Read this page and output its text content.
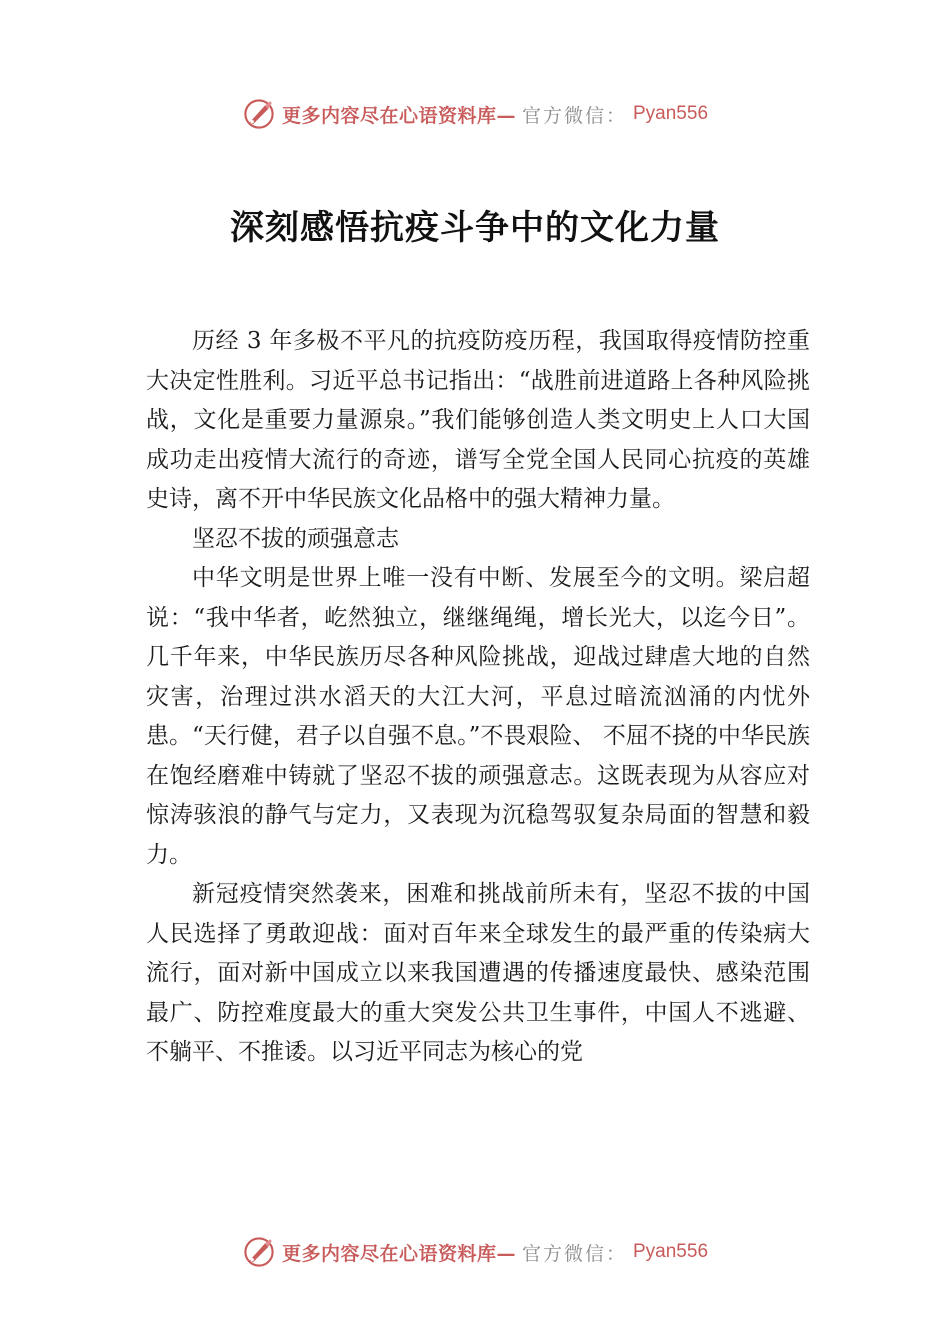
更多内容尽在心语资料库— 官方微信： Pyan556
深刻感悟抗疫斗争中的文化力量

历经 3 年多极不平凡的抗疫防疫历程，我国取得疫情防控重大决定性胜利。习近平总书记指出：“战胜前进道路上各种风险挑战，文化是重要力量源泉。”我们能够创造人类文明史上人口大国成功走出疫情大流行的奇迹，谱写全党全国人民同心抗疫的英雄史诗，离不开中华民族文化品格中的强大精神力量。

坚忍不拔的顽强意志

中华文明是世界上唯一没有中断、发展至今的文明。梁启超说：“我中华者，屹然独立，继继绳绳，增长光大，以迄今日”。几千年来，中华民族历尽各种风险挑战，迎战过肆虐大地的自然灾害，治理过洪水滔天的大江大河，平息过暗流汹涌的内忧外患。“天行健，君子以自强不息。”不畏艰险、 不屈不挠的中华民族在饱经磨难中铸就了坚忍不拔的顽强意志。这既表现为从容应对惊涛骇浪的静气与定力，又表现为沉稳驾驭复杂局面的智慧和毅力。

新冠疫情突然袭来，困难和挑战前所未有，坚忍不拔的中国人民选择了勇敢迎战：面对百年来全球发生的最严重的传染病大流行，面对新中国成立以来我国遭遇的传播速度最快、感染范围最广、防控难度最大的重大突发公共卫生事件，中国人不逃避、不躺平、不推诿。以习近平同志为核心的党

更多内容尽在心语资料库— 官方微信： Pyan556
